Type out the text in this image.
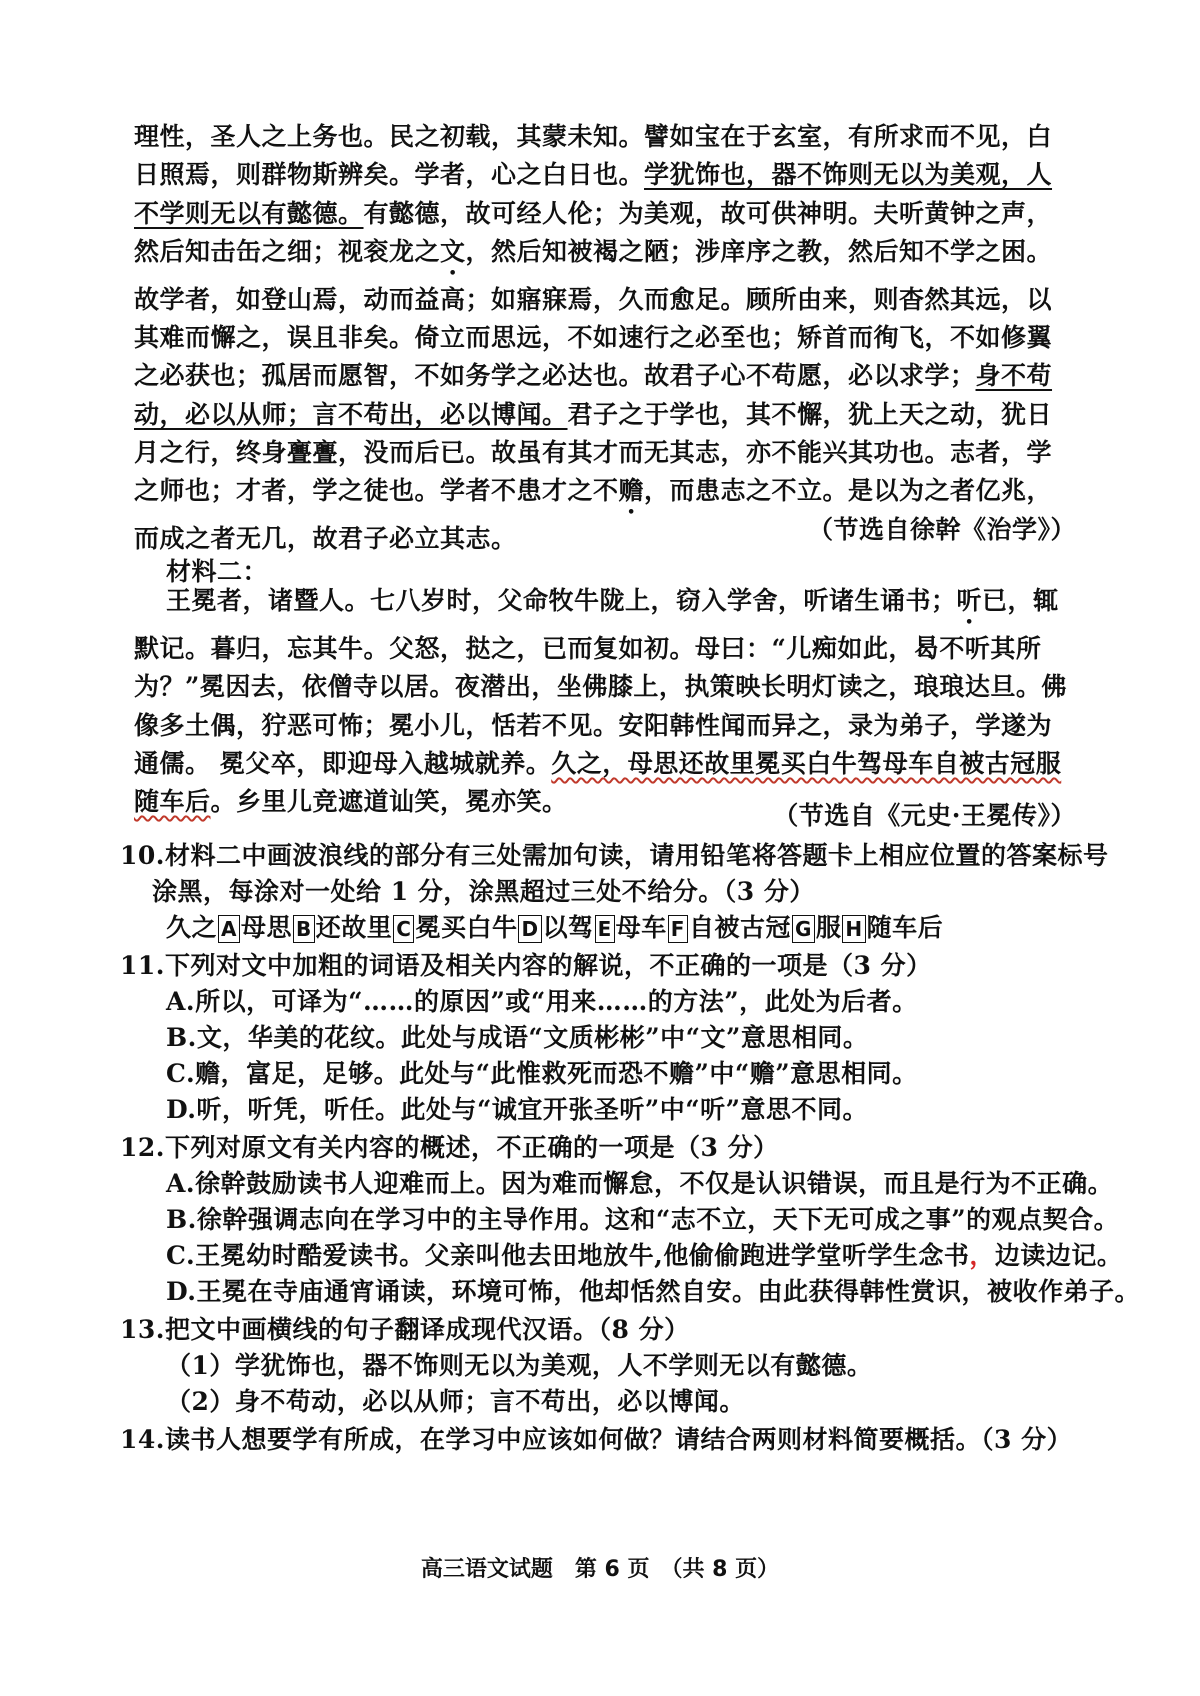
理性，圣人之上务也。民之初载，其蒙未知。譬如宝在于玄室，有所求而不见，白日照焉，则群物斯辨矣。学者，心之白日也。学犹饰也，器不饰则无以为美观，人不学则无以有懿德。有懿德，故可经人伦；为美观，故可供神明。夫听黄钟之声，然后知击缶之细；视衮龙之文，然后知被褐之陋；涉庠序之教，然后知不学之困。故学者，如登山焉，动而益高；如寤寐焉，久而愈足。顾所由来，则杳然其远，以其难而懈之，误且非矣。倚立而思远，不如速行之必至也；矫首而徇飞，不如修翼之必获也；孤居而愿智，不如务学之必达也。故君子心不苟愿，必以求学；身不苟动，必以从师；言不苟出，必以博闻。君子之于学也，其不懈，犹上天之动，犹日月之行，终身亹亹，没而后已。故虽有其才而无其志，亦不能兴其功也。志者，学之师也；才者，学之徒也。学者不患才之不赡，而患志之不立。是以为之者亿兆，而成之者无几，故君子必立其志。	（节选自徐幹《治学》）
材料二：

王冕者，诸暨人。七八岁时，父命牧牛陇上，窃入学舍，听诸生诵书；听已，辄默记。暮归，忘其牛。父怒，挞之，已而复如初。母曰：“儿痴如此，曷不听其所为？”冕因去，依僧寺以居。夜潜出，坐佛膝上，执策映长明灯读之，琅琅达旦。佛像多土偶，狞恶可怖；冕小儿，恬若不见。安阳韩性闻而异之，录为弟子，学遂为通儒。 冕父卒，即迎母入越城就养。久之，母思还故里冕买白牛驾母车自被古冠服随车后。乡里儿竞遮道讪笑，冕亦笑。	（节选自《元史·王冕传》）
10.材料二中画波浪线的部分有三处需加句读，请用铅笔将答题卡上相应位置的答案标号
涂黑，每涂对一处给 1 分，涂黑超过三处不给分。（3 分）
久之 A 母思 B 还故里 C 冕买白牛 D 以驾 E 母车 F 自被古冠 G 服 H 随车后
11.下列对文中加粗的词语及相关内容的解说，不正确的一项是（3 分）
A.所以，可译为“……的原因”或“用来……的方法”，此处为后者。
B.文，华美的花纹。此处与成语“文质彬彬”中“文”意思相同。
C.赡，富足，足够。此处与“此惟救死而恐不赡”中“赡”意思相同。
D.听，听凭，听任。此处与“诚宜开张圣听”中“听”意思不同。
12.下列对原文有关内容的概述，不正确的一项是（3 分）
A.徐幹鼓励读书人迎难而上。因为难而懈怠，不仅是认识错误，而且是行为不正确。
B.徐幹强调志向在学习中的主导作用。这和“志不立，天下无可成之事”的观点契合。
C.王冕幼时酷爱读书。父亲叫他去田地放牛,他偷偷跑进学堂听学生念书，边读边记。
D.王冕在寺庙通宵诵读，环境可怖，他却恬然自安。由此获得韩性赏识，被收作弟子。
13.把文中画横线的句子翻译成现代汉语。（8 分）
（1）学犹饰也，器不饰则无以为美观，人不学则无以有懿德。
（2）身不苟动，必以从师；言不苟出，必以博闻。
14.读书人想要学有所成，在学习中应该如何做？请结合两则材料简要概括。（3 分）
高三语文试题　第 6 页　（共 8 页）
